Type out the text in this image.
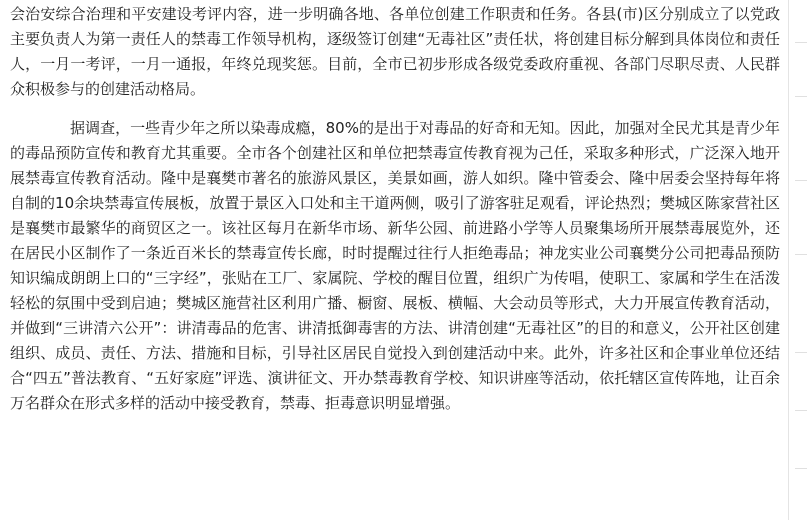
会治安综合治理和平安建设考评内容，进一步明确各地、各单位创建工作职责和任务。各县(市)区分别成立了以党政主要负责人为第一责任人的禁毒工作领导机构，逐级签订创建“无毒社区”责任状，将创建目标分解到具体岗位和责任人，一月一考评，一月一通报，年终兑现奖惩。目前，全市已初步形成各级党委政府重视、各部门尽职尽责、人民群众积极参与的创建活动格局。

据调查，一些青少年之所以染毒成瘾，80%的是出于对毒品的好奇和无知。因此，加强对全民尤其是青少年的毒品预防宣传和教育尤其重要。全市各个创建社区和单位把禁毒宣传教育视为己任，采取多种形式，广泛深入地开展禁毒宣传教育活动。隆中是襄樊市著名的旅游风景区，美景如画，游人如织。隆中管委会、隆中居委会坚持每年将自制的10余块禁毒宣传展板，放置于景区入口处和主干道两侧，吸引了游客驻足观看，评论热烈；樊城区陈家营社区是襄樊市最繁华的商贸区之一。该社区每月在新华市场、新华公园、前进路小学等人员聚集场所开展禁毒展览外，还在居民小区制作了一条近百米长的禁毒宣传长廊，时时提醒过往行人拒绝毒品；神龙实业公司襄樊分公司把毒品预防知识编成朗朗上口的“三字经”，张贴在工厂、家属院、学校的醒目位置，组织广为传唱，使职工、家属和学生在活泼轻松的氛围中受到启迪；樊城区施营社区利用广播、橱窗、展板、横幅、大会动员等形式，大力开展宣传教育活动，并做到“三讲清六公开”：讲清毒品的危害、讲清抵御毒害的方法、讲清创建“无毒社区”的目的和意义，公开社区创建组织、成员、责任、方法、措施和目标，引导社区居民自觉投入到创建活动中来。此外，许多社区和企事业单位还结合“四五”普法教育、“五好家庭”评选、演讲征文、开办禁毒教育学校、知识讲座等活动，依托辖区宣传阵地，让百余万名群众在形式多样的活动中接受教育，禁毒、拒毒意识明显增强。
